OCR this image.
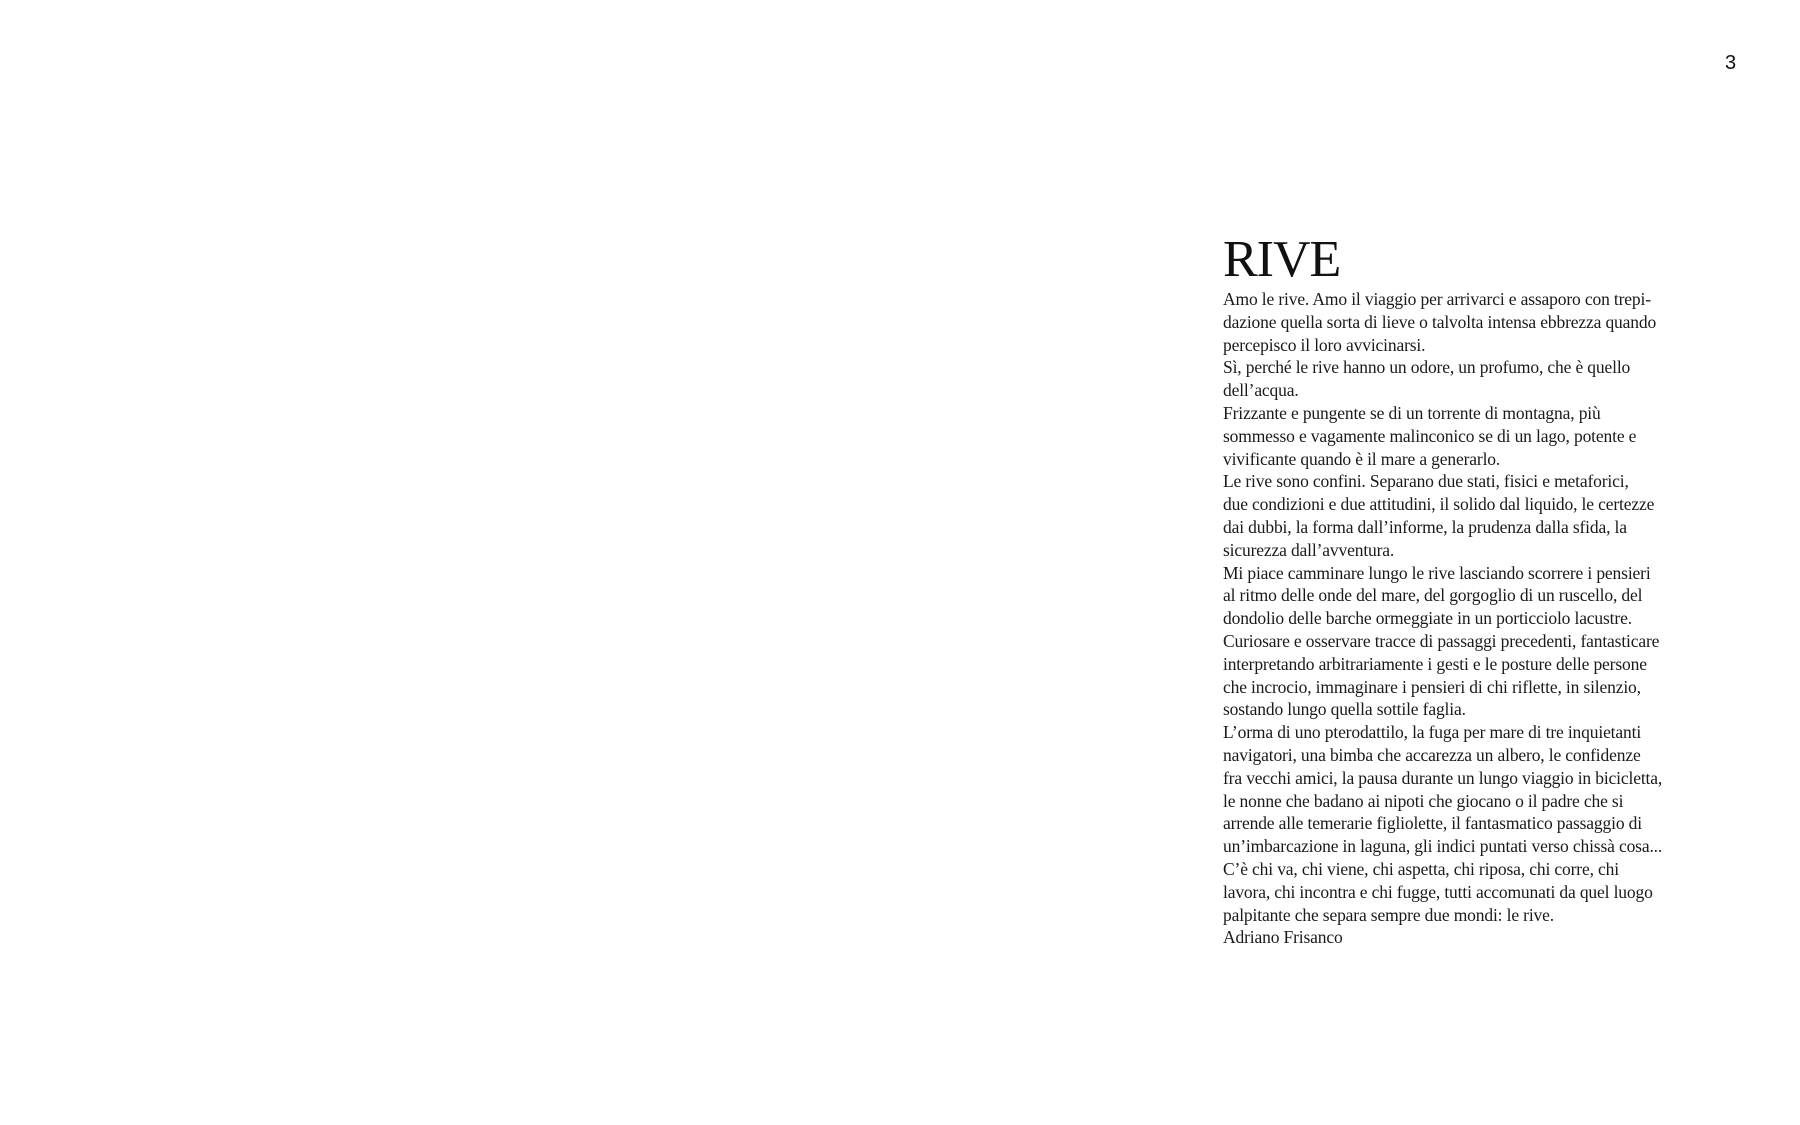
3
RIVE
Amo le rive. Amo il viaggio per arrivarci e assaporo con trepi-
dazione quella sorta di lieve o talvolta intensa ebbrezza quando
percepisco il loro avvicinarsi.
Sì, perché le rive hanno un odore, un profumo, che è quello
dell’acqua.
Frizzante e pungente se di un torrente di montagna, più
sommesso e vagamente malinconico se di un lago, potente e
vivificante quando è il mare a generarlo.
Le rive sono confini. Separano due stati, fisici e metaforici,
due condizioni e due attitudini, il solido dal liquido, le certezze
dai dubbi, la forma dall’informe, la prudenza dalla sfida, la
sicurezza dall’avventura.
Mi piace camminare lungo le rive lasciando scorrere i pensieri
al ritmo delle onde del mare, del gorgoglio di un ruscello, del
dondolio delle barche ormeggiate in un porticciolo lacustre.
Curiosare e osservare tracce di passaggi precedenti, fantasticare
interpretando arbitrariamente i gesti e le posture delle persone
che incrocio, immaginare i pensieri di chi riflette, in silenzio,
sostando lungo quella sottile faglia.
L’orma di uno pterodattilo, la fuga per mare di tre inquietanti
navigatori, una bimba che accarezza un albero, le confidenze
fra vecchi amici, la pausa durante un lungo viaggio in bicicletta,
le nonne che badano ai nipoti che giocano o il padre che si
arrende alle temerarie figliolette, il fantasmatico passaggio di
un’imbarcazione in laguna, gli indici puntati verso chissà cosa...
C’è chi va, chi viene, chi aspetta, chi riposa, chi corre, chi
lavora, chi incontra e chi fugge, tutti accomunati da quel luogo
palpitante che separa sempre due mondi: le rive.
Adriano Frisanco
